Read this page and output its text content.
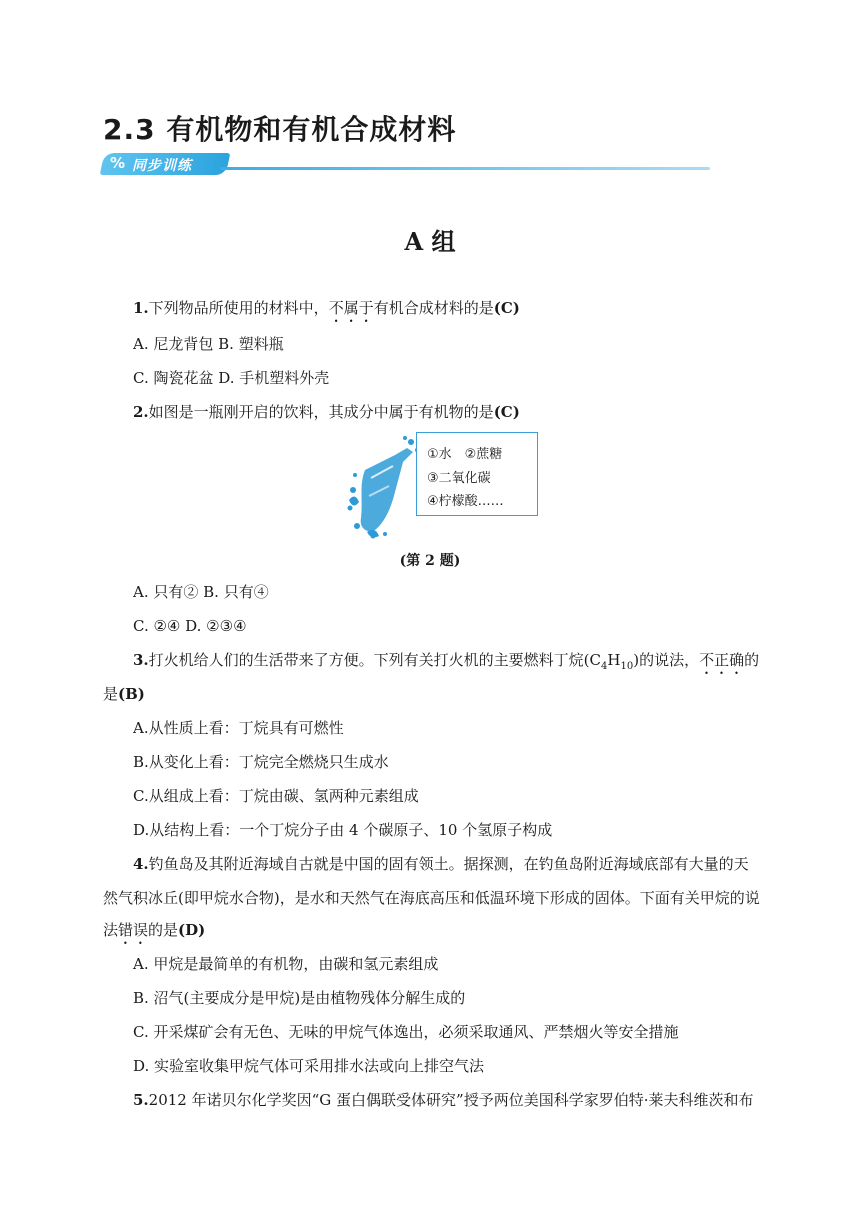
2.3 有机物和有机合成材料
% 同步训练
A 组
1.下列物品所使用的材料中，不属于有机合成材料的是(C)
A. 尼龙背包 B. 塑料瓶
C. 陶瓷花盆 D. 手机塑料外壳
2.如图是一瓶刚开启的饮料，其成分中属于有机物的是(C)
①水　②蔗糖
③二氧化碳
④柠檬酸……
(第 2 题)
A. 只有② B. 只有④
C. ②④ D. ②③④
3.打火机给人们的生活带来了方便。下列有关打火机的主要燃料丁烷$(C_4H_{10})$的说法，不正确的
是(B)
A.从性质上看：丁烷具有可燃性
B.从变化上看：丁烷完全燃烧只生成水
C.从组成上看：丁烷由碳、氢两种元素组成
D.从结构上看：一个丁烷分子由 4 个碳原子、10 个氢原子构成
4.钓鱼岛及其附近海域自古就是中国的固有领土。据探测，在钓鱼岛附近海域底部有大量的天
然气积冰丘(即甲烷水合物)，是水和天然气在海底高压和低温环境下形成的固体。下面有关甲烷的说
法错误的是(D)
A. 甲烷是最简单的有机物，由碳和氢元素组成
B. 沼气(主要成分是甲烷)是由植物残体分解生成的
C. 开采煤矿会有无色、无味的甲烷气体逸出，必须采取通风、严禁烟火等安全措施
D. 实验室收集甲烷气体可采用排水法或向上排空气法
5.2012 年诺贝尔化学奖因“G 蛋白偶联受体研究”授予两位美国科学家罗伯特·莱夫科维茨和布
